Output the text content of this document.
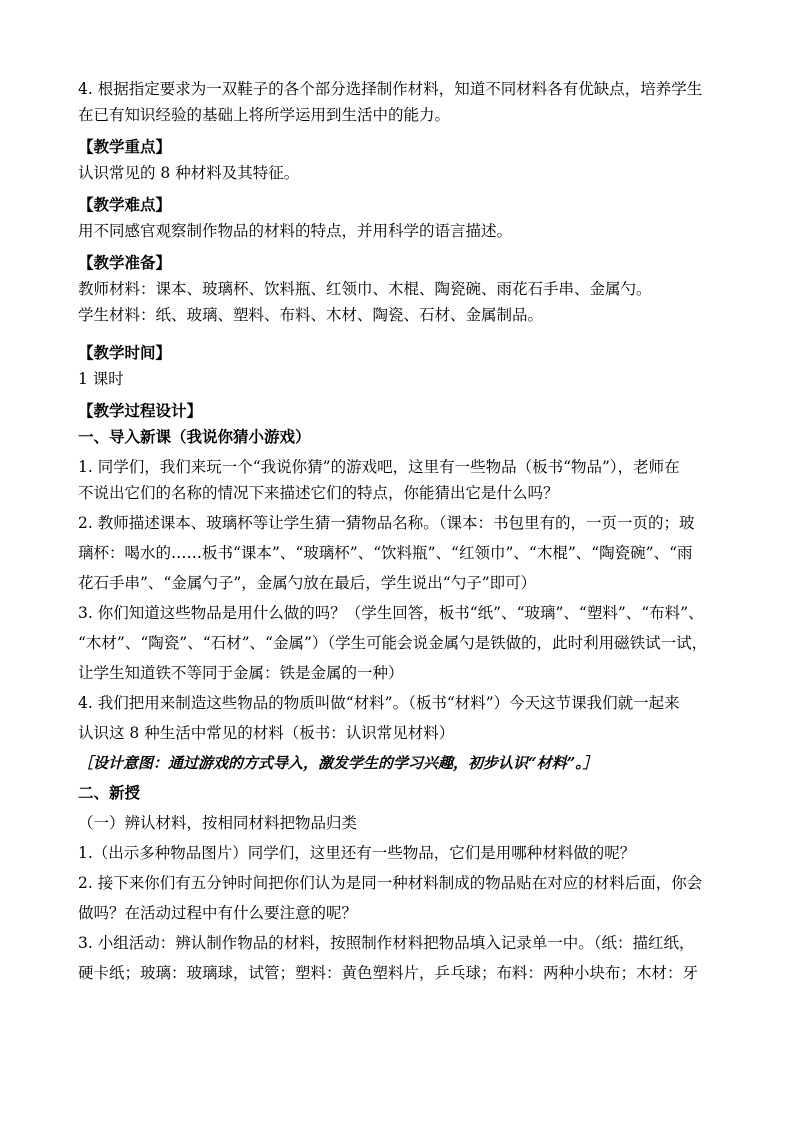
4. 根据指定要求为一双鞋子的各个部分选择制作材料，知道不同材料各有优缺点，培养学生
在已有知识经验的基础上将所学运用到生活中的能力。
【教学重点】
认识常见的 8 种材料及其特征。
【教学难点】
用不同感官观察制作物品的材料的特点，并用科学的语言描述。
【教学准备】
教师材料：课本、玻璃杯、饮料瓶、红领巾、木棍、陶瓷碗、雨花石手串、金属勺。
学生材料：纸、玻璃、塑料、布料、木材、陶瓷、石材、金属制品。
【教学时间】
1 课时
【教学过程设计】
一、导入新课（我说你猜小游戏）
1. 同学们，我们来玩一个“我说你猜”的游戏吧，这里有一些物品（板书“物品”），老师在
不说出它们的名称的情况下来描述它们的特点，你能猜出它是什么吗？
2. 教师描述课本、玻璃杯等让学生猜一猜物品名称。（课本：书包里有的，一页一页的；玻
璃杯：喝水的……板书“课本”、“玻璃杯”、“饮料瓶”、“红领巾”、“木棍”、“陶瓷碗”、“雨
花石手串”、“金属勺子”，金属勺放在最后，学生说出“勺子”即可）
3. 你们知道这些物品是用什么做的吗？（学生回答，板书“纸”、“玻璃”、“塑料”、“布料”、
“木材”、“陶瓷”、“石材”、“金属”）（学生可能会说金属勺是铁做的，此时利用磁铁试一试，
让学生知道铁不等同于金属：铁是金属的一种）
4. 我们把用来制造这些物品的物质叫做“材料”。（板书“材料”）今天这节课我们就一起来
认识这 8 种生活中常见的材料（板书：认识常见材料）
［设计意图：通过游戏的方式导入，激发学生的学习兴趣，初步认识“材料”。］
二、新授
（一）辨认材料，按相同材料把物品归类
1.（出示多种物品图片）同学们，这里还有一些物品，它们是用哪种材料做的呢？
2. 接下来你们有五分钟时间把你们认为是同一种材料制成的物品贴在对应的材料后面，你会
做吗？在活动过程中有什么要注意的呢？
3. 小组活动：辨认制作物品的材料，按照制作材料把物品填入记录单一中。（纸：描红纸，
硬卡纸；玻璃：玻璃球，试管；塑料：黄色塑料片，乒乓球；布料：两种小块布；木材：牙
